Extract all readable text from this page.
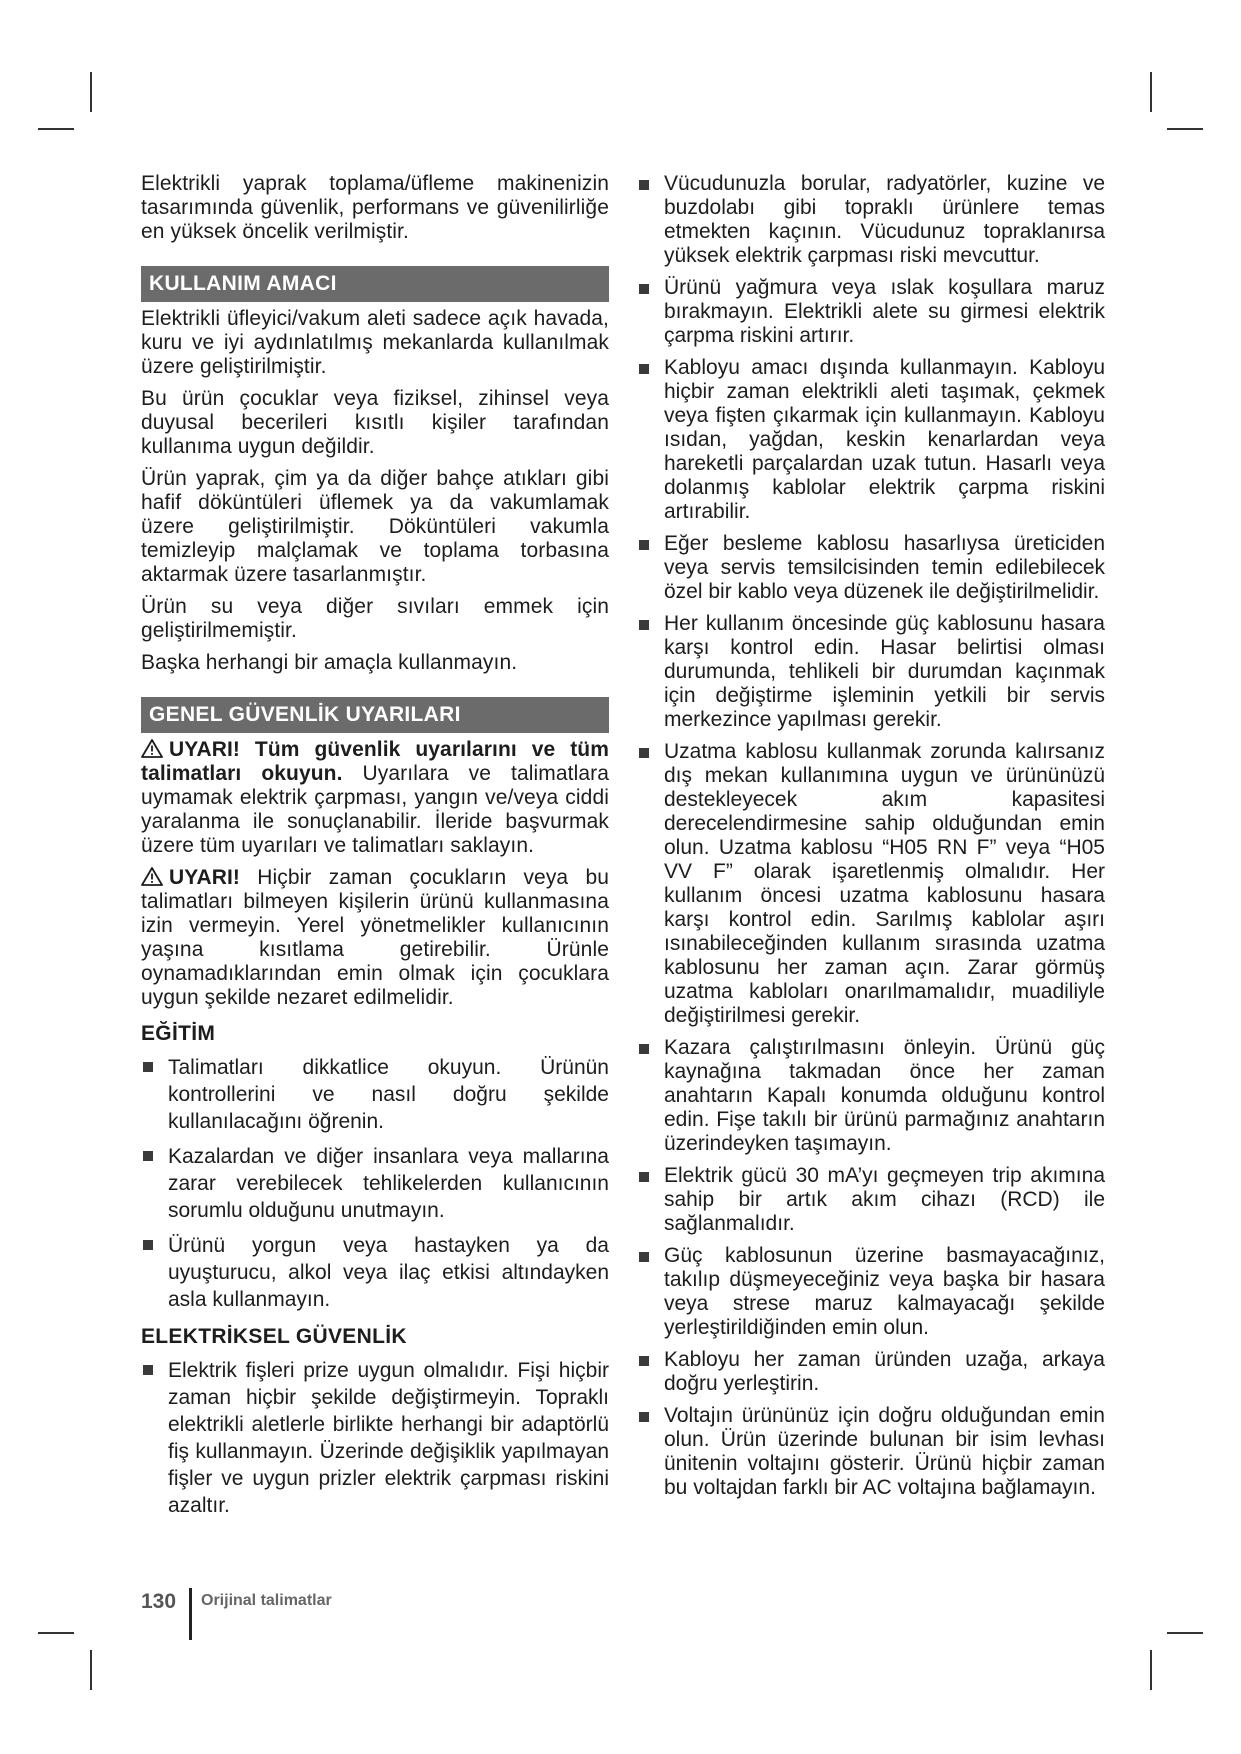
Elektrikli yaprak toplama/üfleme makinenizin tasarımında güvenlik, performans ve güvenilirliğe en yüksek öncelik verilmiştir.

KULLANIM AMACI

Elektrikli üfleyici/vakum aleti sadece açık havada, kuru ve iyi aydınlatılmış mekanlarda kullanılmak üzere geliştirilmiştir.

Bu ürün çocuklar veya fiziksel, zihinsel veya duyusal becerileri kısıtlı kişiler tarafından kullanıma uygun değildir.

Ürün yaprak, çim ya da diğer bahçe atıkları gibi hafif döküntüleri üflemek ya da vakumlamak üzere geliştirilmiştir. Döküntüleri vakumla temizleyip malçlamak ve toplama torbasına aktarmak üzere tasarlanmıştır.

Ürün su veya diğer sıvıları emmek için geliştirilmemiştir.

Başka herhangi bir amaçla kullanmayın.

GENEL GÜVENLİK UYARILARI

UYARI! Tüm güvenlik uyarılarını ve tüm talimatları okuyun. Uyarılara ve talimatlara uymamak elektrik çarpması, yangın ve/veya ciddi yaralanma ile sonuçlanabilir. İleride başvurmak üzere tüm uyarıları ve talimatları saklayın.

UYARI! Hiçbir zaman çocukların veya bu talimatları bilmeyen kişilerin ürünü kullanmasına izin vermeyin. Yerel yönetmelikler kullanıcının yaşına kısıtlama getirebilir. Ürünle oynamadıklarından emin olmak için çocuklara uygun şekilde nezaret edilmelidir.

EĞİTİM

Talimatları dikkatlice okuyun. Ürünün kontrollerini ve nasıl doğru şekilde kullanılacağını öğrenin.

Kazalardan ve diğer insanlara veya mallarına zarar verebilecek tehlikelerden kullanıcının sorumlu olduğunu unutmayın.

Ürünü yorgun veya hastayken ya da uyuşturucu, alkol veya ilaç etkisi altındayken asla kullanmayın.

ELEKTRİKSEL GÜVENLİK

Elektrik fişleri prize uygun olmalıdır. Fişi hiçbir zaman hiçbir şekilde değiştirmeyin. Topraklı elektrikli aletlerle birlikte herhangi bir adaptörlü fiş kullanmayın. Üzerinde değişiklik yapılmayan fişler ve uygun prizler elektrik çarpması riskini azaltır.

Vücudunuzla borular, radyatörler, kuzine ve buzdolabı gibi topraklı ürünlere temas etmekten kaçının. Vücudunuz topraklanırsa yüksek elektrik çarpması riski mevcuttur.

Ürünü yağmura veya ıslak koşullara maruz bırakmayın. Elektrikli alete su girmesi elektrik çarpma riskini artırır.

Kabloyu amacı dışında kullanmayın. Kabloyu hiçbir zaman elektrikli aleti taşımak, çekmek veya fişten çıkarmak için kullanmayın. Kabloyu ısıdan, yağdan, keskin kenarlardan veya hareketli parçalardan uzak tutun. Hasarlı veya dolanmış kablolar elektrik çarpma riskini artırabilir.

Eğer besleme kablosu hasarlıysa üreticiden veya servis temsilcisinden temin edilebilecek özel bir kablo veya düzenek ile değiştirilmelidir.

Her kullanım öncesinde güç kablosunu hasara karşı kontrol edin. Hasar belirtisi olması durumunda, tehlikeli bir durumdan kaçınmak için değiştirme işleminin yetkili bir servis merkezince yapılması gerekir.

Uzatma kablosu kullanmak zorunda kalırsanız dış mekan kullanımına uygun ve ürününüzü destekleyecek akım kapasitesi derecelendirmesine sahip olduğundan emin olun. Uzatma kablosu “H05 RN F” veya “H05 VV F” olarak işaretlenmiş olmalıdır. Her kullanım öncesi uzatma kablosunu hasara karşı kontrol edin. Sarılmış kablolar aşırı ısınabileceğinden kullanım sırasında uzatma kablosunu her zaman açın. Zarar görmüş uzatma kabloları onarılmamalıdır, muadiliyle değiştirilmesi gerekir.

Kazara çalıştırılmasını önleyin. Ürünü güç kaynağına takmadan önce her zaman anahtarın Kapalı konumda olduğunu kontrol edin. Fişe takılı bir ürünü parmağınız anahtarın üzerindeyken taşımayın.

Elektrik gücü 30 mA’yı geçmeyen trip akımına sahip bir artık akım cihazı (RCD) ile sağlanmalıdır.

Güç kablosunun üzerine basmayacağınız, takılıp düşmeyeceğiniz veya başka bir hasara veya strese maruz kalmayacağı şekilde yerleştirildiğinden emin olun.

Kabloyu her zaman üründen uzağa, arkaya doğru yerleştirin.

Voltajın ürününüz için doğru olduğundan emin olun. Ürün üzerinde bulunan bir isim levhası ünitenin voltajını gösterir. Ürünü hiçbir zaman bu voltajdan farklı bir AC voltajına bağlamayın.

130 Orijinal talimatlar
